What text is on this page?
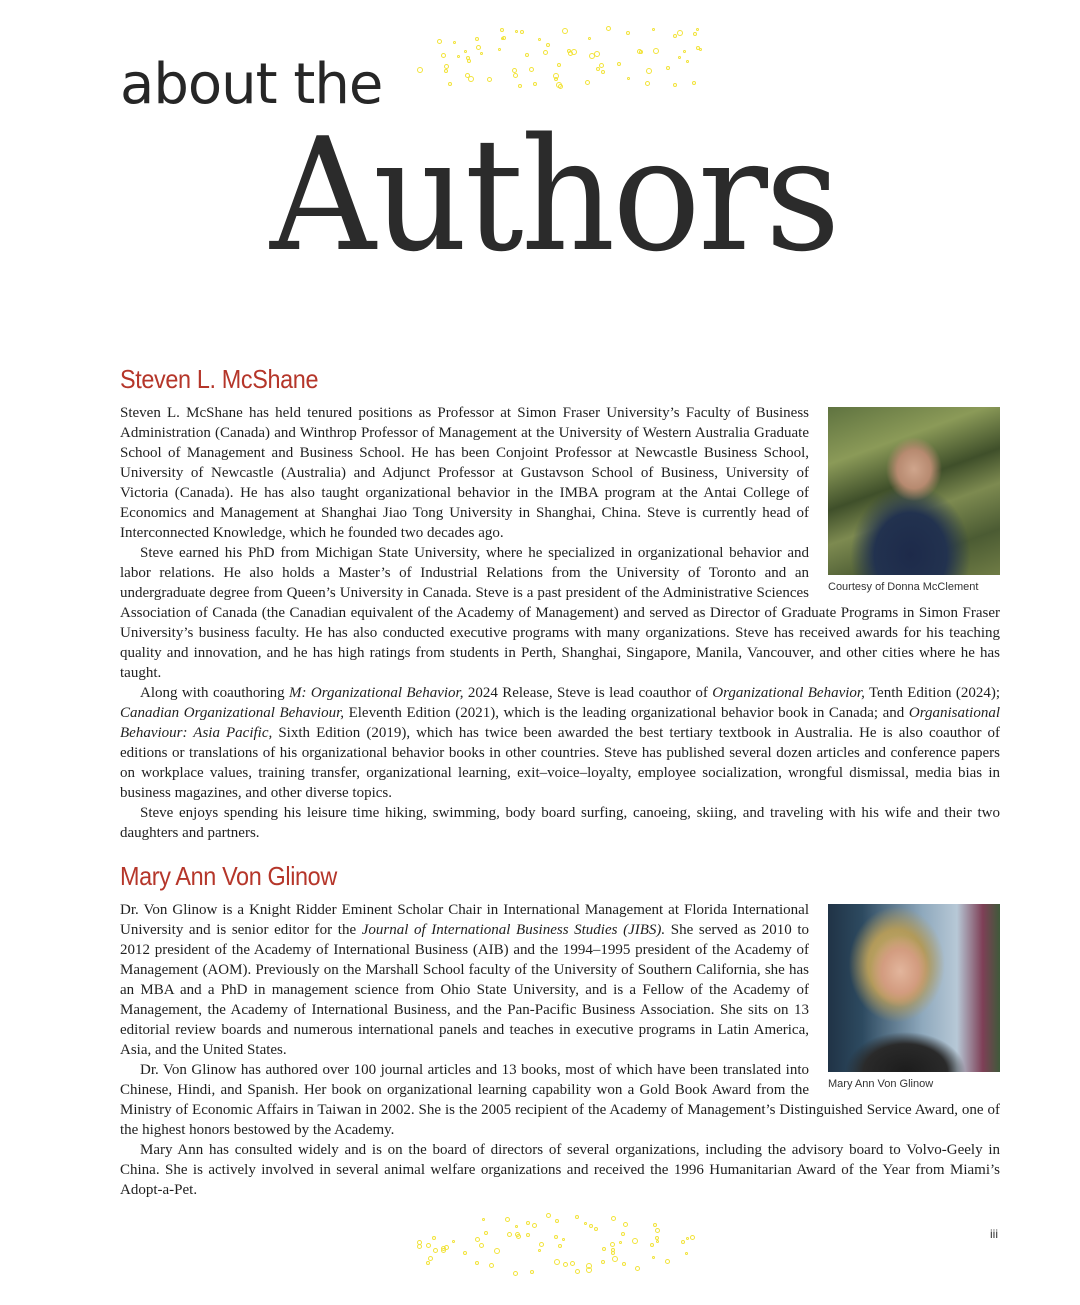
about the
Authors
Steven L. McShane
Courtesy of Donna McClement

Steven L. McShane has held tenured positions as Professor at Simon Fraser University’s Faculty of Business Administration (Canada) and Winthrop Professor of Management at the University of Western Australia Graduate School of Management and Business School. He has been Conjoint Professor at Newcastle Business School, University of Newcastle (Australia) and Adjunct Professor at Gustavson School of Business, University of Victoria (Canada). He has also taught organizational behavior in the IMBA program at the Antai College of Economics and Management at Shanghai Jiao Tong University in Shanghai, China. Steve is currently head of Interconnected Knowledge, which he founded two decades ago.

Steve earned his PhD from Michigan State University, where he specialized in organizational behavior and labor relations. He also holds a Master’s of Industrial Relations from the University of Toronto and an undergraduate degree from Queen’s University in Canada. Steve is a past president of the Administrative Sciences Association of Canada (the Canadian equivalent of the Academy of Management) and served as Director of Graduate Programs in Simon Fraser University’s business faculty. He has also conducted executive programs with many organizations. Steve has received awards for his teaching quality and innovation, and he has high ratings from students in Perth, Shanghai, Singapore, Manila, Vancouver, and other cities where he has taught.

Along with coauthoring M: Organizational Behavior, 2024 Release, Steve is lead coauthor of Organizational Behavior, Tenth Edition (2024); Canadian Organizational Behaviour, Eleventh Edition (2021), which is the leading organizational behavior book in Canada; and Organisational Behaviour: Asia Pacific, Sixth Edition (2019), which has twice been awarded the best tertiary textbook in Australia. He is also coauthor of editions or translations of his organizational behavior books in other countries. Steve has published several dozen articles and conference papers on workplace values, training transfer, organizational learning, exit–voice–loyalty, employee socialization, wrongful dismissal, media bias in business magazines, and other diverse topics.

Steve enjoys spending his leisure time hiking, swimming, body board surfing, canoeing, skiing, and traveling with his wife and their two daughters and partners.

Mary Ann Von Glinow
Mary Ann Von Glinow

Dr. Von Glinow is a Knight Ridder Eminent Scholar Chair in International Management at Florida International University and is senior editor for the Journal of International Business Studies (JIBS). She served as 2010 to 2012 president of the Academy of International Business (AIB) and the 1994–1995 president of the Academy of Management (AOM). Previously on the Marshall School faculty of the University of Southern California, she has an MBA and a PhD in management science from Ohio State University, and is a Fellow of the Academy of Management, the Academy of International Business, and the Pan-Pacific Business Association. She sits on 13 editorial review boards and numerous international panels and teaches in executive programs in Latin America, Asia, and the United States.

Dr. Von Glinow has authored over 100 journal articles and 13 books, most of which have been translated into Chinese, Hindi, and Spanish. Her book on organizational learning capability won a Gold Book Award from the Ministry of Economic Affairs in Taiwan in 2002. She is the 2005 recipient of the Academy of Management’s Distinguished Service Award, one of the highest honors bestowed by the Academy.

Mary Ann has consulted widely and is on the board of directors of several organizations, including the advisory board to Volvo-Geely in China. She is actively involved in several animal welfare organizations and received the 1996 Humanitarian Award of the Year from Miami’s Adopt-a-Pet.

iii
